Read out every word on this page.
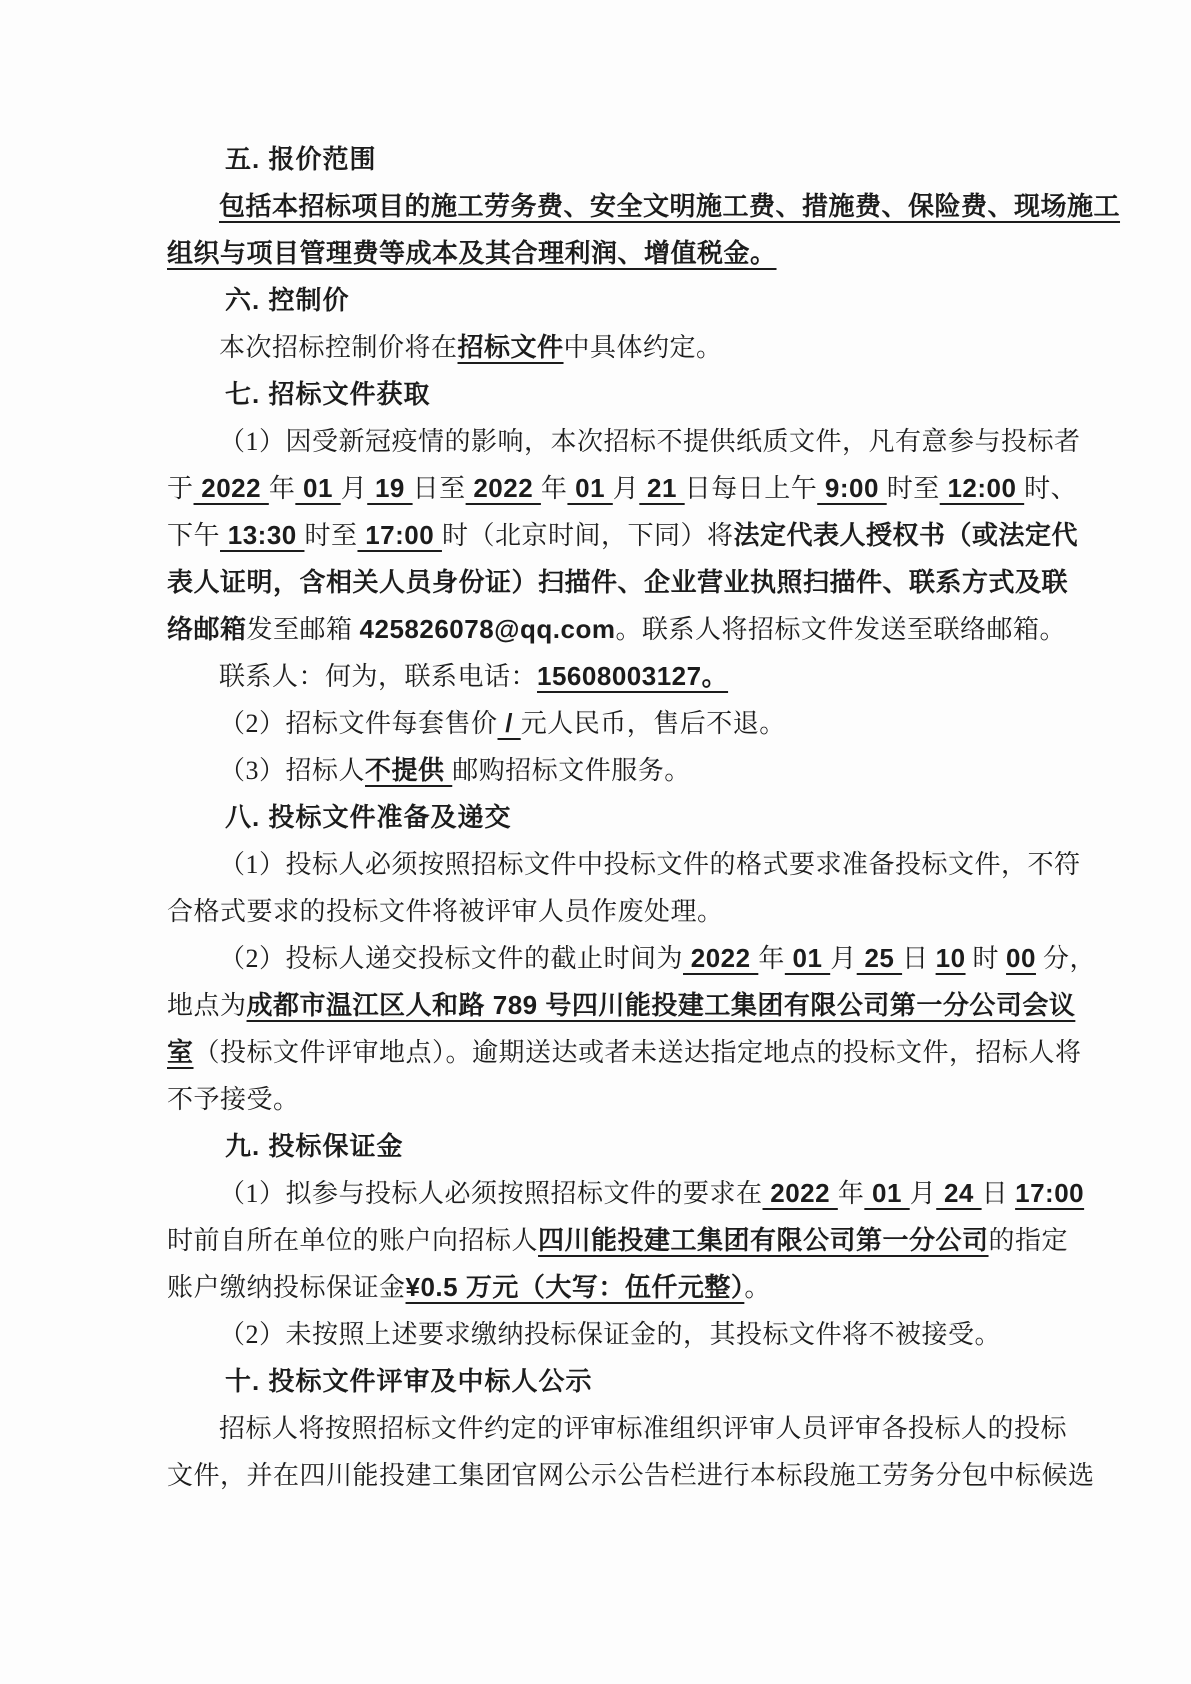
五. 报价范围
包括本招标项目的施工劳务费、安全文明施工费、措施费、保险费、现场施工
组织与项目管理费等成本及其合理利润、增值税金。
六. 控制价
本次招标控制价将在招标文件中具体约定。
七. 招标文件获取
（1）因受新冠疫情的影响，本次招标不提供纸质文件，凡有意参与投标者
于 2022 年 01 月 19 日至 2022 年 01 月 21 日每日上午 9:00 时至 12:00 时、
下午 13:30 时至 17:00 时（北京时间，下同）将法定代表人授权书（或法定代
表人证明，含相关人员身份证）扫描件、企业营业执照扫描件、联系方式及联
络邮箱发至邮箱 425826078@qq.com。联系人将招标文件发送至联络邮箱。
联系人：何为，联系电话：15608003127。
（2）招标文件每套售价 / 元人民币，售后不退。
（3）招标人不提供 邮购招标文件服务。
八. 投标文件准备及递交
（1）投标人必须按照招标文件中投标文件的格式要求准备投标文件，不符
合格式要求的投标文件将被评审人员作废处理。
（2）投标人递交投标文件的截止时间为 2022 年 01 月 25 日 10 时 00 分，
地点为成都市温江区人和路 789 号四川能投建工集团有限公司第一分公司会议
室（投标文件评审地点）。逾期送达或者未送达指定地点的投标文件，招标人将
不予接受。
九. 投标保证金
（1）拟参与投标人必须按照招标文件的要求在 2022 年 01 月 24 日 17:00
时前自所在单位的账户向招标人四川能投建工集团有限公司第一分公司的指定
账户缴纳投标保证金¥0.5 万元（大写：伍仟元整）。
（2）未按照上述要求缴纳投标保证金的，其投标文件将不被接受。
十. 投标文件评审及中标人公示
招标人将按照招标文件约定的评审标准组织评审人员评审各投标人的投标
文件，并在四川能投建工集团官网公示公告栏进行本标段施工劳务分包中标候选
